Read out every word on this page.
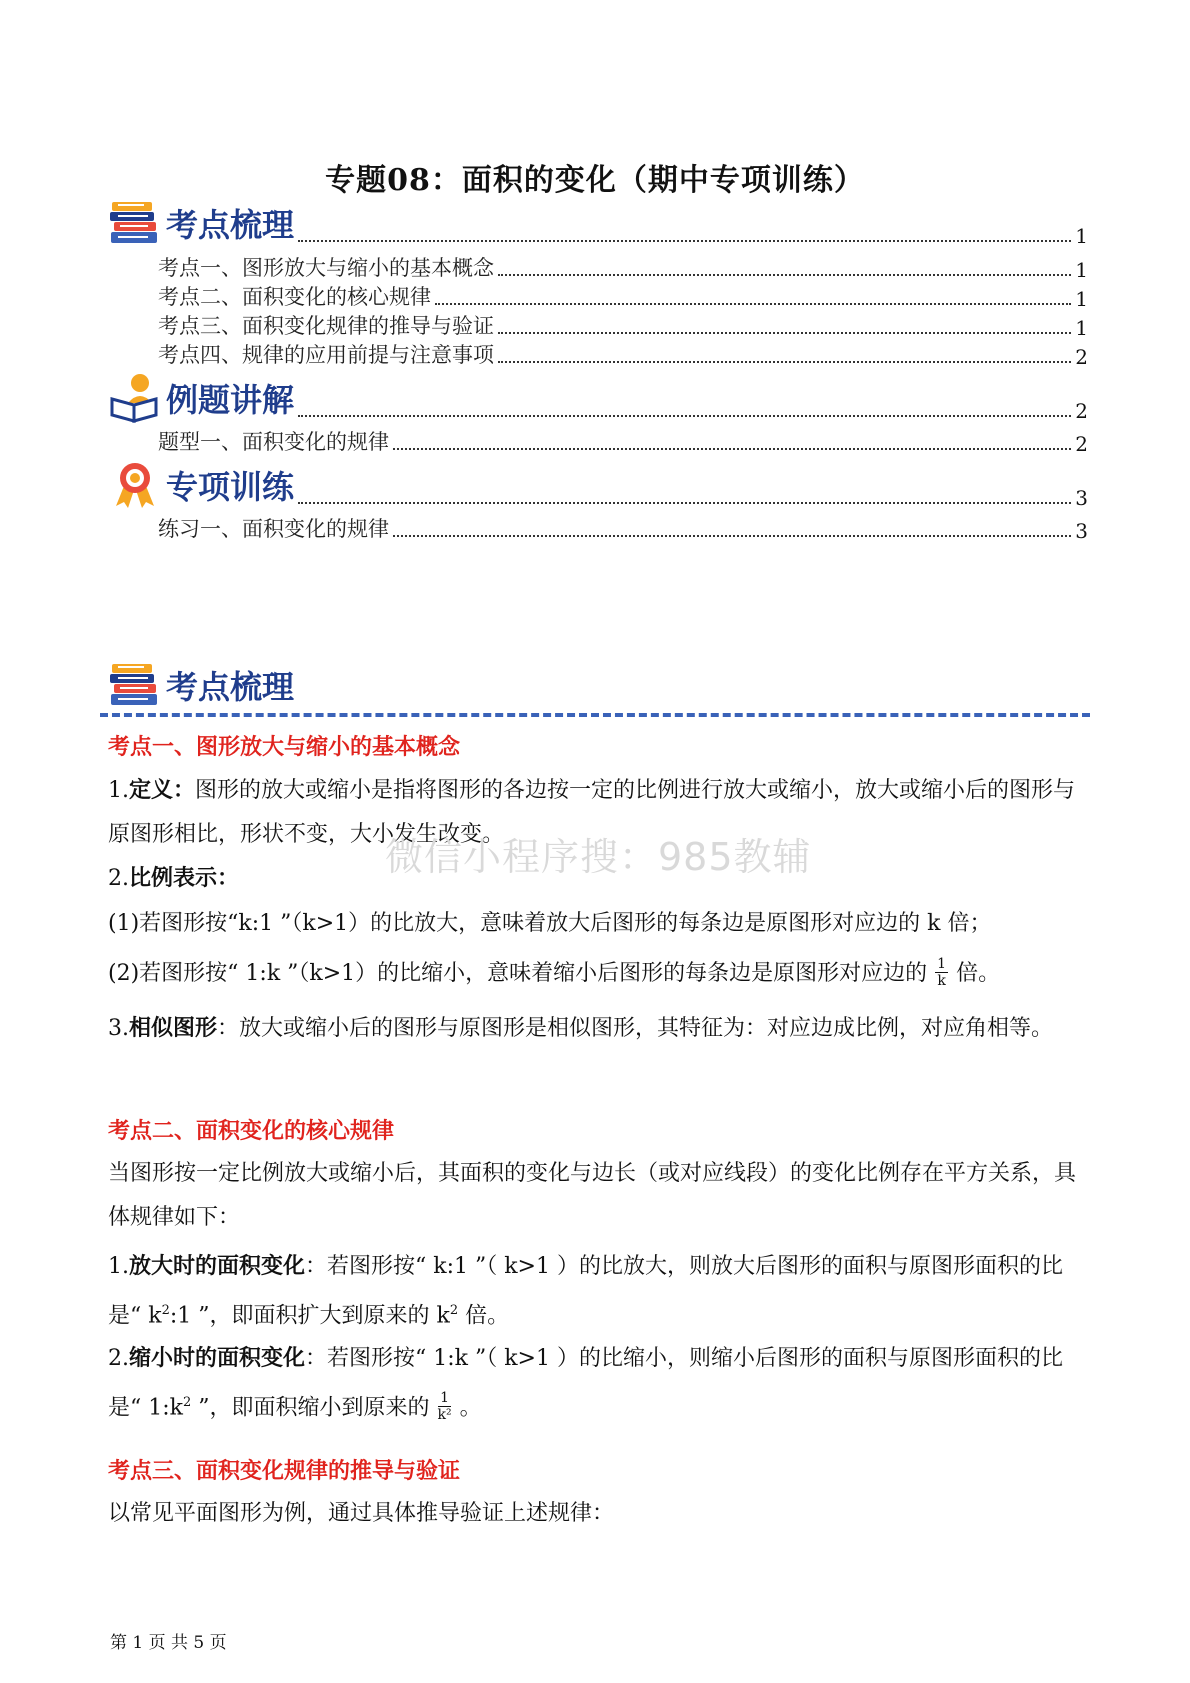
专题08：面积的变化（期中专项训练）
考点梳理	1
考点一、图形放大与缩小的基本概念	1
考点二、面积变化的核心规律	1
考点三、面积变化规律的推导与验证	1
考点四、规律的应用前提与注意事项	2
例题讲解	2
题型一、面积变化的规律	2
专项训练	3
练习一、面积变化的规律	3
考点梳理
考点一、图形放大与缩小的基本概念
1.定义：图形的放大或缩小是指将图形的各边按一定的比例进行放大或缩小，放大或缩小后的图形与原图形相比，形状不变，大小发生改变。
微信小程序搜：985教辅
2.比例表示：
(1)若图形按“k:1 ”（k>1）的比放大，意味着放大后图形的每条边是原图形对应边的 k 倍；
(2)若图形按“ 1:k ”（k>1）的比缩小，意味着缩小后图形的每条边是原图形对应边的 $\frac{1}{k}$ 倍。
3.相似图形：放大或缩小后的图形与原图形是相似图形，其特征为：对应边成比例，对应角相等。
考点二、面积变化的核心规律
当图形按一定比例放大或缩小后，其面积的变化与边长（或对应线段）的变化比例存在平方关系，具体规律如下：
1.放大时的面积变化：若图形按“ k:1 ”（ k>1 ）的比放大，则放大后图形的面积与原图形面积的比是“ $k^2:1$ ”，即面积扩大到原来的 $k^2$ 倍。
2.缩小时的面积变化：若图形按“ 1:k ”（ k>1 ）的比缩小，则缩小后图形的面积与原图形面积的比是“ $1:k^2$ ”，即面积缩小到原来的 $\frac{1}{\text{k²}}$ 。
考点三、面积变化规律的推导与验证
以常见平面图形为例，通过具体推导验证上述规律：
第 1 页 共 5 页
